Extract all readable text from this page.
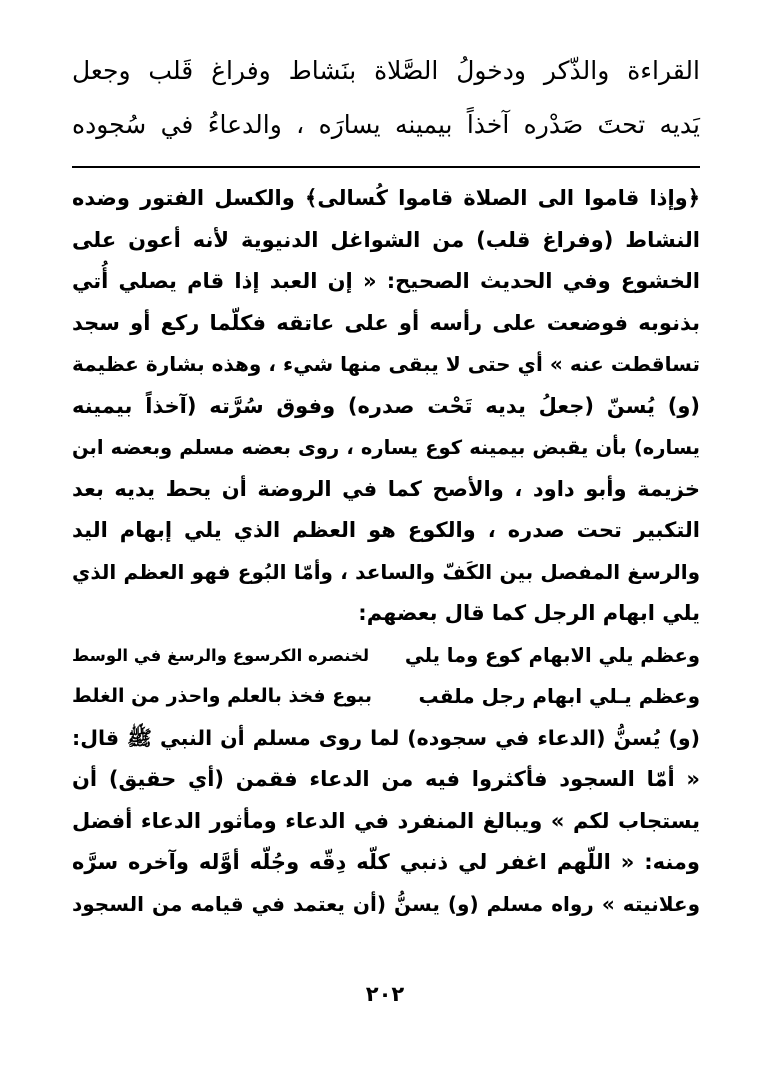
القراءة والذّكر ودخولُ الصَّلاة بنَشاط وفراغ قَلب وجعل
يَديه تحتَ صَدْره آخذاً بيمينه يسارَه ، والدعاءُ في سُجوده
﴿وإذا قاموا الى الصلاة قاموا كُسالى﴾ والكسل الفتور وضده
النشاط (وفراغ قلب) من الشواغل الدنيوية لأنه أعون على
الخشوع وفي الحديث الصحيح: « إن العبد إذا قام يصلي أُتي
بذنوبه فوضعت على رأسه أو على عاتقه فكلّما ركع أو سجد
تساقطت عنه » أي حتى لا يبقى منها شيء ، وهذه بشارة عظيمة
(و) يُسنّ (جعلُ يديه تَحْت صدره) وفوق سُرَّته (آخذاً بيمينه
يساره) بأن يقبض بيمينه كوع يساره ، روى بعضه مسلم وبعضه ابن
خزيمة وأبو داود ، والأصح كما في الروضة أن يحط يديه بعد
التكبير تحت صدره ، والكوع هو العظم الذي يلي إبهام اليد
والرسغ المفصل بين الكَفّ والساعد ، وأمّا البُوع فهو العظم الذي
يلي ابهام الرجل كما قال بعضهم:
وعظم يلي الابهام كوع وما يلي
لخنصره الكرسوع والرسغ في الوسط
وعظم يـلي ابهام رجل ملقب
ببوع فخذ بالعلم واحذر من الغلط
(و) يُسنُّ (الدعاء في سجوده) لما روى مسلم أن النبي ﷺ قال:
« أمّا السجود فأكثروا فيه من الدعاء فقمن (أي حقيق) أن
يستجاب لكم » ويبالغ المنفرد في الدعاء ومأثور الدعاء أفضل
ومنه: « اللّهم اغفر لي ذنبي كلّه دِقّه وجُلّه أوَّله وآخره سرَّه
وعلانيته » رواه مسلم (و) يسنُّ (أن يعتمد في قيامه من السجود
٢٠٢
